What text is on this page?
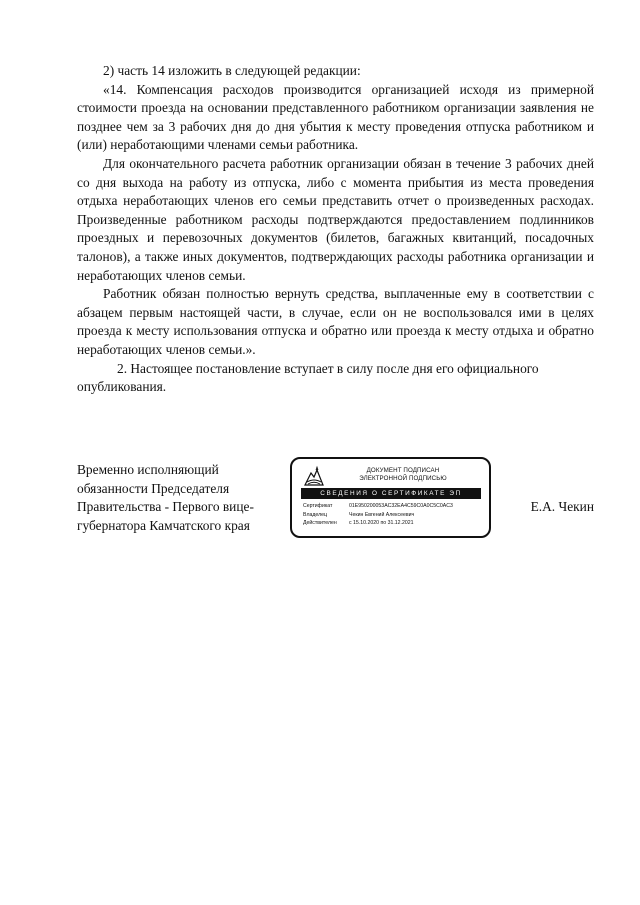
2) часть 14 изложить в следующей редакции:

«14. Компенсация расходов производится организацией исходя из примерной стоимости проезда на основании представленного работником организации заявления не позднее чем за 3 рабочих дня до дня убытия к месту проведения отпуска работником и (или) неработающими членами семьи работника.

Для окончательного расчета работник организации обязан в течение 3 рабочих дней со дня выхода на работу из отпуска, либо с момента прибытия из места проведения отдыха неработающих членов его семьи представить отчет о произведенных расходах. Произведенные работником расходы подтверждаются предоставлением подлинников проездных и перевозочных документов (билетов, багажных квитанций, посадочных талонов), а также иных документов, подтверждающих расходы работника организации и неработающих членов семьи.

Работник обязан полностью вернуть средства, выплаченные ему в соответствии с абзацем первым настоящей части, в случае, если он не воспользовался ими в целях проезда к месту использования отпуска и обратно или проезда к месту отдыха и обратно неработающих членов семьи.».

2. Настоящее постановление вступает в силу после дня его официального опубликования.

Временно исполняющий
обязанности Председателя
Правительства - Первого вице-
губернатора Камчатского края
ДОКУМЕНТ ПОДПИСАН
ЭЛЕКТРОННОЙ ПОДПИСЬЮ
СВЕДЕНИЯ О СЕРТИФИКАТЕ ЭП
Сертификат	01E950200053AC32EA4C59C0A0C5C0AC3
Владелец	Чекин Евгений Алексеевич
Действителен	с 15.10.2020 по 31.12.2021
Е.А. Чекин
